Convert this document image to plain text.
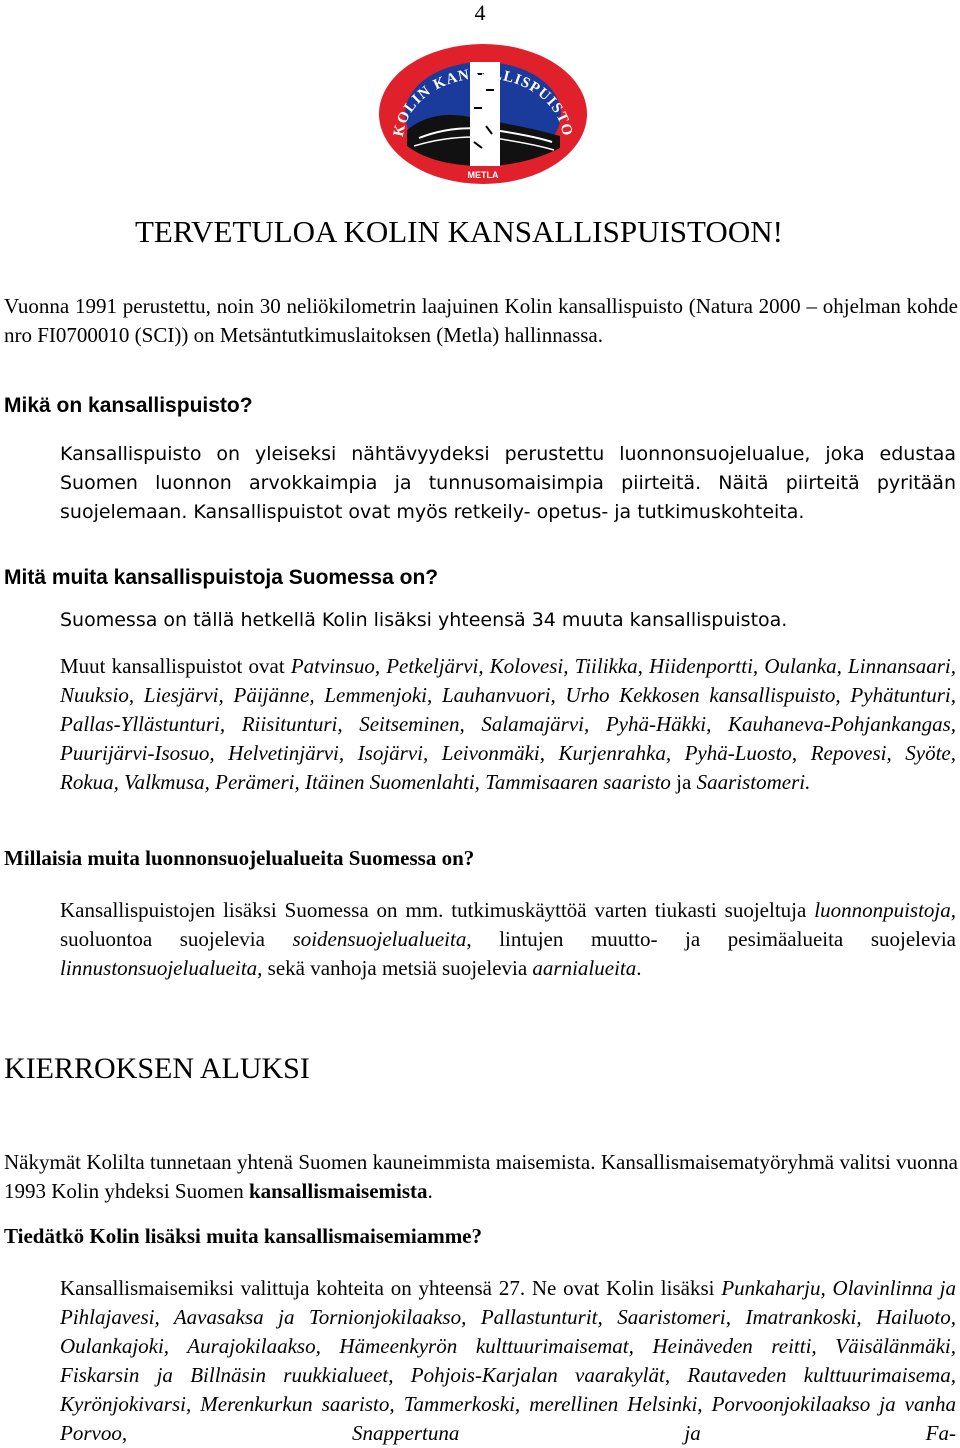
4
KOLIN KANSALLISPUISTO
METLA
TERVETULOA KOLIN KANSALLISPUISTOON!
Vuonna 1991 perustettu, noin 30 neliökilometrin laajuinen Kolin kansallispuisto (Natura 2000 – ohjelman kohde nro FI0700010 (SCI)) on Metsäntutkimuslaitoksen (Metla) hallinnassa.
Mikä on kansallispuisto?
Kansallispuisto on yleiseksi nähtävyydeksi perustettu luonnonsuojelualue, joka edustaa Suomen luonnon arvokkaimpia ja tunnusomaisimpia piirteitä. Näitä piirteitä pyritään suojelemaan. Kansallispuistot ovat myös retkeily- opetus- ja tutkimuskohteita.
Mitä muita kansallispuistoja Suomessa on?
Suomessa on tällä hetkellä Kolin lisäksi yhteensä 34 muuta kansallispuistoa.
Muut kansallispuistot ovat Patvinsuo, Petkeljärvi, Kolovesi, Tiilikka, Hiidenportti, Oulanka, Linnansaari, Nuuksio, Liesjärvi, Päijänne, Lemmenjoki, Lauhanvuori, Urho Kekkosen kansallispuisto, Pyhätunturi, Pallas-Yllästunturi, Riisitunturi, Seitseminen, Salamajärvi, Pyhä-Häkki, Kauhaneva-Pohjankangas, Puurijärvi-Isosuo, Helvetinjärvi, Isojärvi, Leivonmäki, Kurjenrahka, Pyhä-Luosto, Repovesi, Syöte, Rokua, Valkmusa, Perämeri, Itäinen Suomenlahti, Tammisaaren saaristo ja Saaristomeri.
Millaisia muita luonnonsuojelualueita Suomessa on?
Kansallispuistojen lisäksi Suomessa on mm. tutkimuskäyttöä varten tiukasti suojeltuja luonnonpuistoja, suoluontoa suojelevia soidensuojelualueita, lintujen muutto- ja pesimäalueita suojelevia linnustonsuojelualueita, sekä vanhoja metsiä suojelevia aarnialueita.
KIERROKSEN ALUKSI
Näkymät Kolilta tunnetaan yhtenä Suomen kauneimmista maisemista. Kansallismaisematyöryhmä valitsi vuonna 1993 Kolin yhdeksi Suomen kansallismaisemista.
Tiedätkö Kolin lisäksi muita kansallismaisemiamme?
Kansallismaisemiksi valittuja kohteita on yhteensä 27. Ne ovat Kolin lisäksi Punkaharju, Olavinlinna ja Pihlajavesi, Aavasaksa ja Tornionjokilaakso, Pallastunturit, Saaristomeri, Imatrankoski, Hailuoto, Oulankajoki, Aurajokilaakso, Hämeenkyrön kulttuurimaisemat, Heinäveden reitti, Väisälänmäki, Fiskarsin ja Billnäsin ruukkialueet, Pohjois-Karjalan vaarakylät, Rautaveden kulttuurimaisema, Kyrönjokivarsi, Merenkurkun saaristo, Tammerkoski, merellinen Helsinki, Porvoonjokilaakso ja vanha Porvoo, Snappertuna ja Fa-
